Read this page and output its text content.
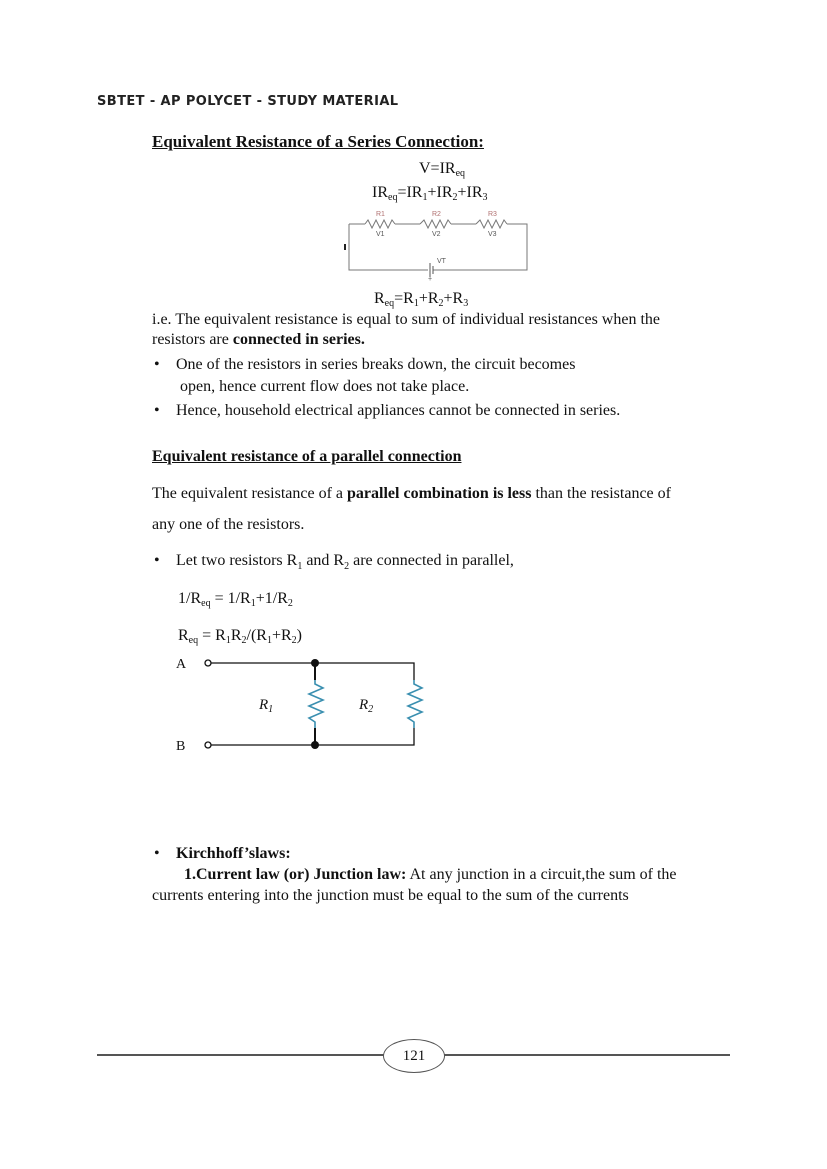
SBTET - AP POLYCET - STUDY MATERIAL
Equivalent Resistance of a Series Connection:
$V=IR_{eq}$
$IR_{eq}=IR_1+IR_2+IR_3$
R1	R2	R3
V1	V2	V3
VT
+
$R_{eq}=R_1+R_2+R_3$
i.e. The equivalent resistance is equal to sum of individual resistances when the resistors are connected in series.
• One of the resistors in series breaks down, the circuit becomes
open, hence current flow does not take place.
• Hence, household electrical appliances cannot be connected in series.
Equivalent resistance of a parallel connection
The equivalent resistance of a parallel combination is less than the resistance of any one of the resistors.
• Let two resistors $R_1$ and $R_2$ are connected in parallel,
$1/R_{eq} = 1/R_1+1/R_2$
$R_{eq} = R_1R_2/(R_1+R_2)$
A
B
$R_1$	$R_2$
• Kirchhoff’slaws:
1.Current law (or) Junction law: At any junction in a circuit,the sum of the currents entering into the junction must be equal to the sum of the currents
121
